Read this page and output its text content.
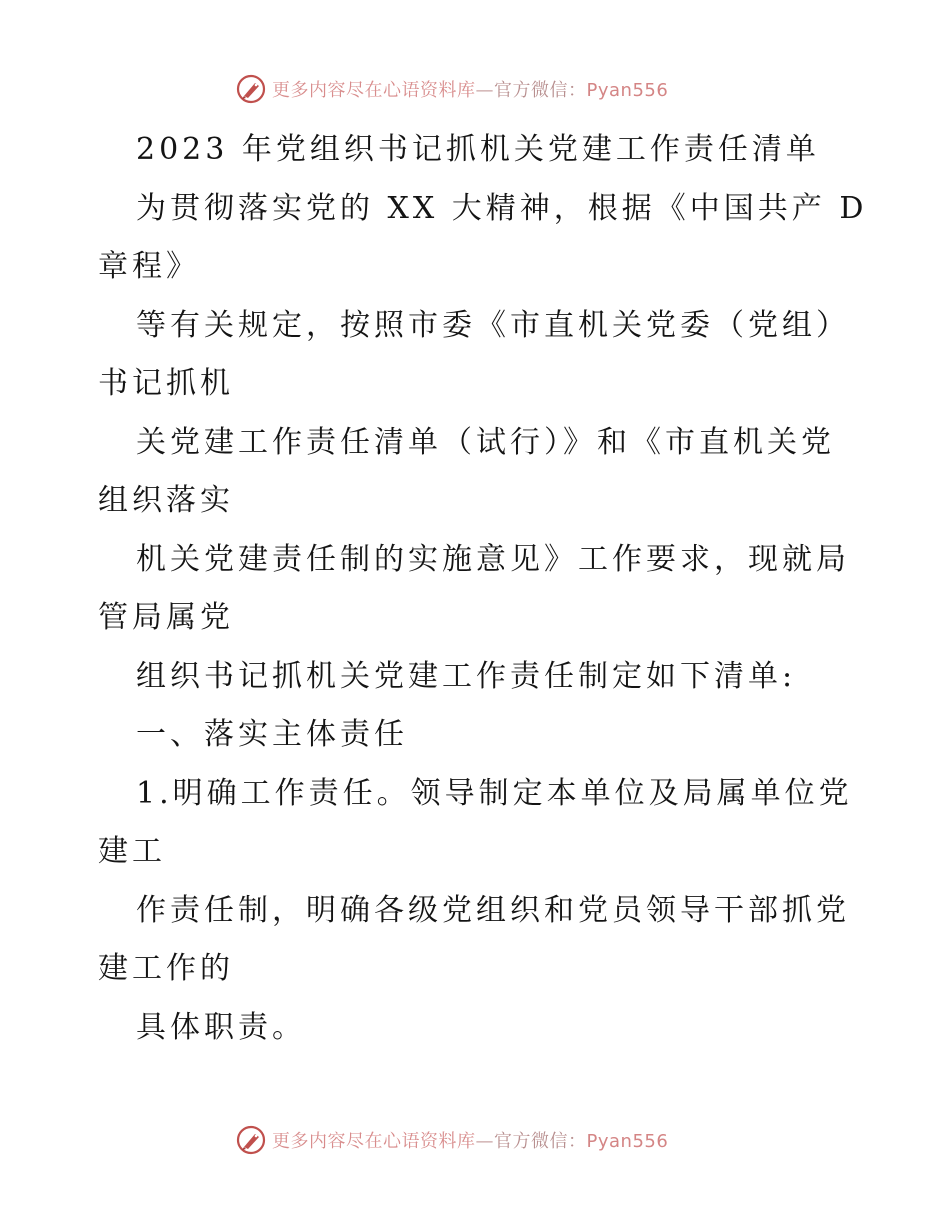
更多内容尽在心语资料库—官方微信：Pyan556
2023 年党组织书记抓机关党建工作责任清单
为贯彻落实党的 XX 大精神，根据《中国共产 D
章程》
等有关规定，按照市委《市直机关党委（党组）
书记抓机
关党建工作责任清单（试行）》和《市直机关党
组织落实
机关党建责任制的实施意见》工作要求，现就局
管局属党
组织书记抓机关党建工作责任制定如下清单:
一、落实主体责任
1.明确工作责任。领导制定本单位及局属单位党
建工
作责任制，明确各级党组织和党员领导干部抓党
建工作的
具体职责。
更多内容尽在心语资料库—官方微信：Pyan556
